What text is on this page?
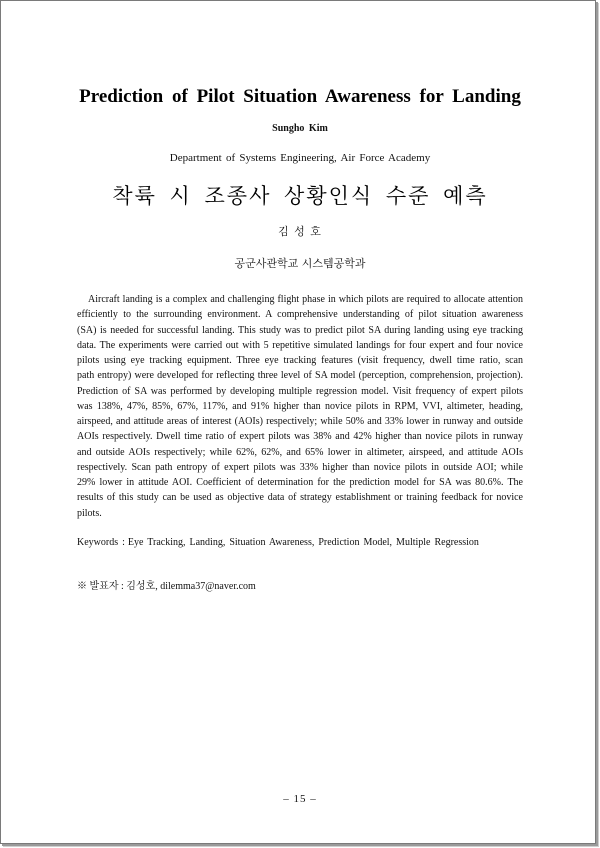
Prediction of Pilot Situation Awareness for Landing
Sungho Kim
Department of Systems Engineering, Air Force Academy
착륙 시 조종사 상황인식 수준 예측
김 성 호
공군사관학교 시스템공학과
Aircraft landing is a complex and challenging flight phase in which pilots are required to allocate attention
efficiently to the surrounding environment. A comprehensive understanding of pilot situation awareness
(SA) is needed for successful landing. This study was to predict pilot SA during landing using eye tracking
data. The experiments were carried out with 5 repetitive simulated landings for four expert and four novice
pilots using eye tracking equipment. Three eye tracking features (visit frequency, dwell time ratio, scan
path entropy) were developed for reflecting three level of SA model (perception, comprehension, projection).
Prediction of SA was performed by developing multiple regression model. Visit frequency of expert pilots
was 138%, 47%, 85%, 67%, 117%, and 91% higher than novice pilots in RPM, VVI, altimeter, heading,
airspeed, and attitude areas of interest (AOIs) respectively; while 50% and 33% lower in runway and outside
AOIs respectively. Dwell time ratio of expert pilots was 38% and 42% higher than novice pilots in runway
and outside AOIs respectively; while 62%, 62%, and 65% lower in altimeter, airspeed, and attitude AOIs
respectively. Scan path entropy of expert pilots was 33% higher than novice pilots in outside AOI; while
29% lower in attitude AOI. Coefficient of determination for the prediction model for SA was 80.6%. The
results of this study can be used as objective data of strategy establishment or training feedback for novice
pilots.
Keywords : Eye Tracking, Landing, Situation Awareness, Prediction Model, Multiple Regression
※ 발표자 : 김성호, dilemma37@naver.com
– 15 –
